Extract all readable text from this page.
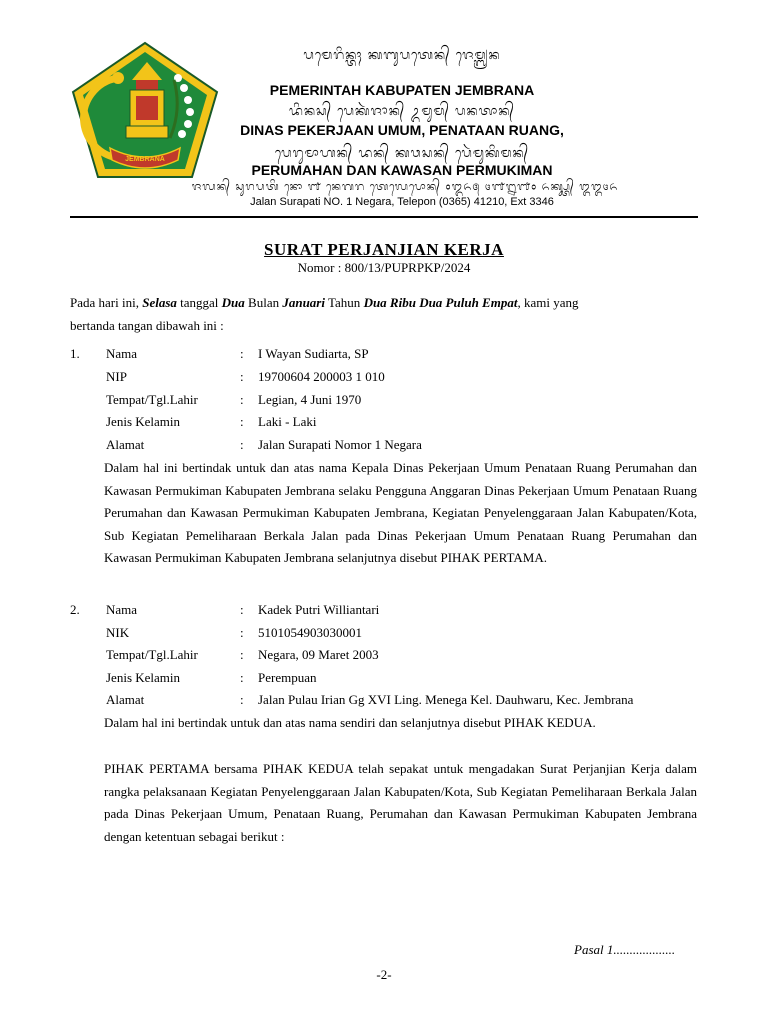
JEMBRANA
ᬧᬫᬾᬭᬶᬦ᭄ᬢᬄ ᬓᬩᬸᬧᬢᬾᬦ᭄ ᬚᬾᬫ᭄ᬩ᭄ᬭᬦ
PEMERINTAH KABUPATEN JEMBRANA
ᬤᬶᬦᬲ᭄ ᬧᬾᬓᬃᬚᬵᬦ᭄ ᬉᬫᬸᬫ᭄ ᬧᬦᬢᬵᬦ᭄
DINAS PEKERJAAN UMUM, PENATAAN RUANG,
ᬧᬾᬭᬸᬫᬵᬳᬦ᭄ ᬤᬦ᭄ ᬓᬯᬲᬦ᭄ ᬧᬾᬃᬫᬸᬓᬶᬫᬦ᭄
PERUMAHAN DAN KAWASAN PERMUKIMAN
ᬚᬮᬦ᭄ ᬲᬸᬭᬧᬢᬶ ᬦᭀ ᭑ ᬦᬾᬕᬭ ᬢᬾᬮᬾᬧᭀᬦ᭄ ᭐᭓᭖᭕ ᭔᭑᭒᭑᭐ ᬏᬓ᭄ᬲ᭄ᬢ᭄ ᭓᭓᭔᭖
Jalan Surapati NO. 1 Negara, Telepon (0365) 41210, Ext 3346
SURAT PERJANJIAN KERJA
Nomor : 800/13/PUPRPKP/2024
Pada hari ini, Selasa tanggal Dua Bulan Januari Tahun Dua Ribu Dua Puluh Empat, kami yang
bertanda tangan dibawah ini :
1. Nama	: I Wayan Sudiarta, SP
NIP	: 19700604 200003 1 010
Tempat/Tgl.Lahir	: Legian, 4 Juni 1970
Jenis Kelamin	: Laki - Laki
Alamat	: Jalan Surapati Nomor 1 Negara
Dalam hal ini bertindak untuk dan atas nama Kepala Dinas Pekerjaan Umum Penataan Ruang Perumahan dan Kawasan Permukiman Kabupaten Jembrana selaku Pengguna Anggaran Dinas Pekerjaan Umum Penataan Ruang Perumahan dan Kawasan Permukiman Kabupaten Jembrana, Kegiatan Penyelenggaraan Jalan Kabupaten/Kota, Sub Kegiatan Pemeliharaan Berkala Jalan pada Dinas Pekerjaan Umum Penataan Ruang Perumahan dan Kawasan Permukiman Kabupaten Jembrana selanjutnya disebut PIHAK PERTAMA.
2. Nama	: Kadek Putri Williantari
NIK	: 5101054903030001
Tempat/Tgl.Lahir	: Negara, 09 Maret 2003
Jenis Kelamin	: Perempuan
Alamat	: Jalan Pulau Irian Gg XVI Ling. Menega Kel. Dauhwaru, Kec. Jembrana
Dalam hal ini bertindak untuk dan atas nama sendiri dan selanjutnya disebut PIHAK KEDUA.
PIHAK PERTAMA bersama PIHAK KEDUA telah sepakat untuk mengadakan Surat Perjanjian Kerja dalam rangka pelaksanaan Kegiatan Penyelenggaraan Jalan Kabupaten/Kota, Sub Kegiatan Pemeliharaan Berkala Jalan pada Dinas Pekerjaan Umum, Penataan Ruang, Perumahan dan Kawasan Permukiman Kabupaten Jembrana dengan ketentuan sebagai berikut :
Pasal 1...................
-2-
